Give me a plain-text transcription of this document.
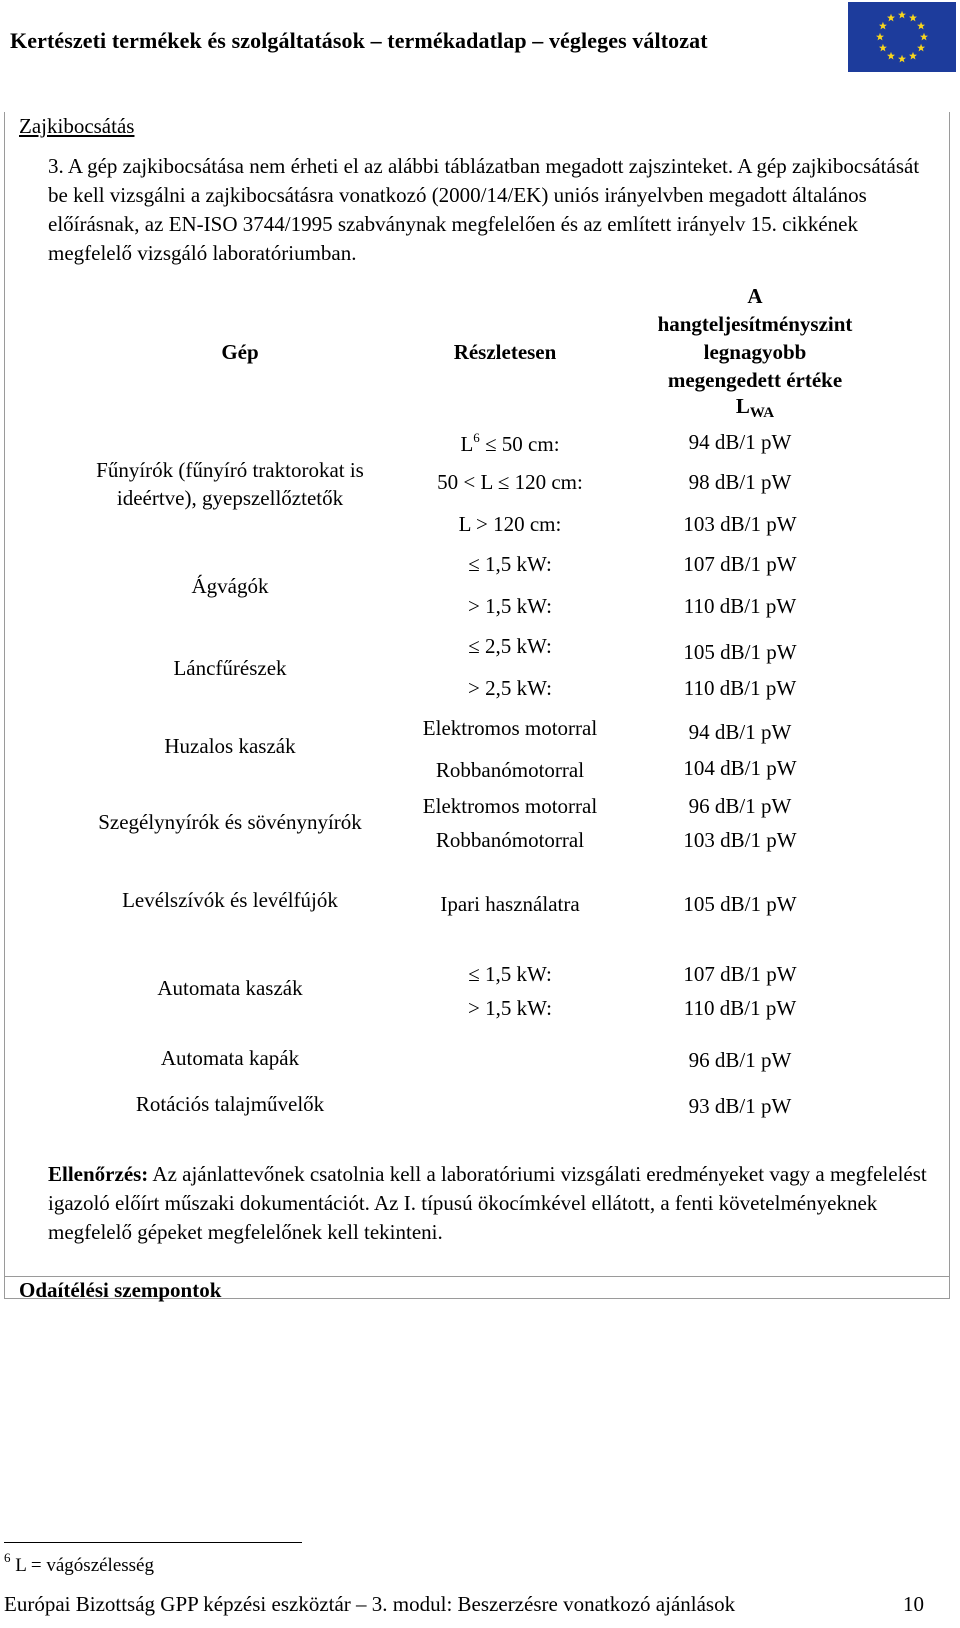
Kertészeti termékek és szolgáltatások – termékadatlap – végleges változat
Zajkibocsátás
3. A gép zajkibocsátása nem érheti el az alábbi táblázatban megadott zajszinteket. A gép zajkibocsátását be kell vizsgálni a zajkibocsátásra vonatkozó (2000/14/EK) uniós irányelvben megadott általános előírásnak, az EN-ISO 3744/1995 szabványnak megfelelően és az említett irányelv 15. cikkének megfelelő vizsgáló laboratóriumban.
Gép	Részletesen
A
hangteljesítményszint
legnagyobb
megengedett értéke
$L_{WA}$
Fűnyírók (fűnyíró traktorokat is
ideértve), gyepszellőztetők
Ágvágók
Láncfűrészek
Huzalos kaszák
Szegélynyírók és sövénynyírók
Levélszívók és levélfújók
Automata kaszák
Automata kapák
Rotációs talajművelők
$L^6 \le 50$ cm:
50 < L ≤ 120 cm:
L > 120 cm:
≤ 1,5 kW:
> 1,5 kW:
≤ 2,5 kW:
> 2,5 kW:
Elektromos motorral
Robbanómotorral
Elektromos motorral
Robbanómotorral
Ipari használatra
≤ 1,5 kW:
> 1,5 kW:
94 dB/1 pW
98 dB/1 pW
103 dB/1 pW
107 dB/1 pW
110 dB/1 pW
105 dB/1 pW
110 dB/1 pW
94 dB/1 pW
104 dB/1 pW
96 dB/1 pW
103 dB/1 pW
105 dB/1 pW
107 dB/1 pW
110 dB/1 pW
96 dB/1 pW
93 dB/1 pW
Ellenőrzés: Az ajánlattevőnek csatolnia kell a laboratóriumi vizsgálati eredményeket vagy a megfelelést igazoló előírt műszaki dokumentációt. Az I. típusú ökocímkével ellátott, a fenti követelményeknek megfelelő gépeket megfelelőnek kell tekinteni.
Odaítélési szempontok
$^6$ L = vágószélesség
Európai Bizottság GPP képzési eszköztár – 3. modul: Beszerzésre vonatkozó ajánlások	10
